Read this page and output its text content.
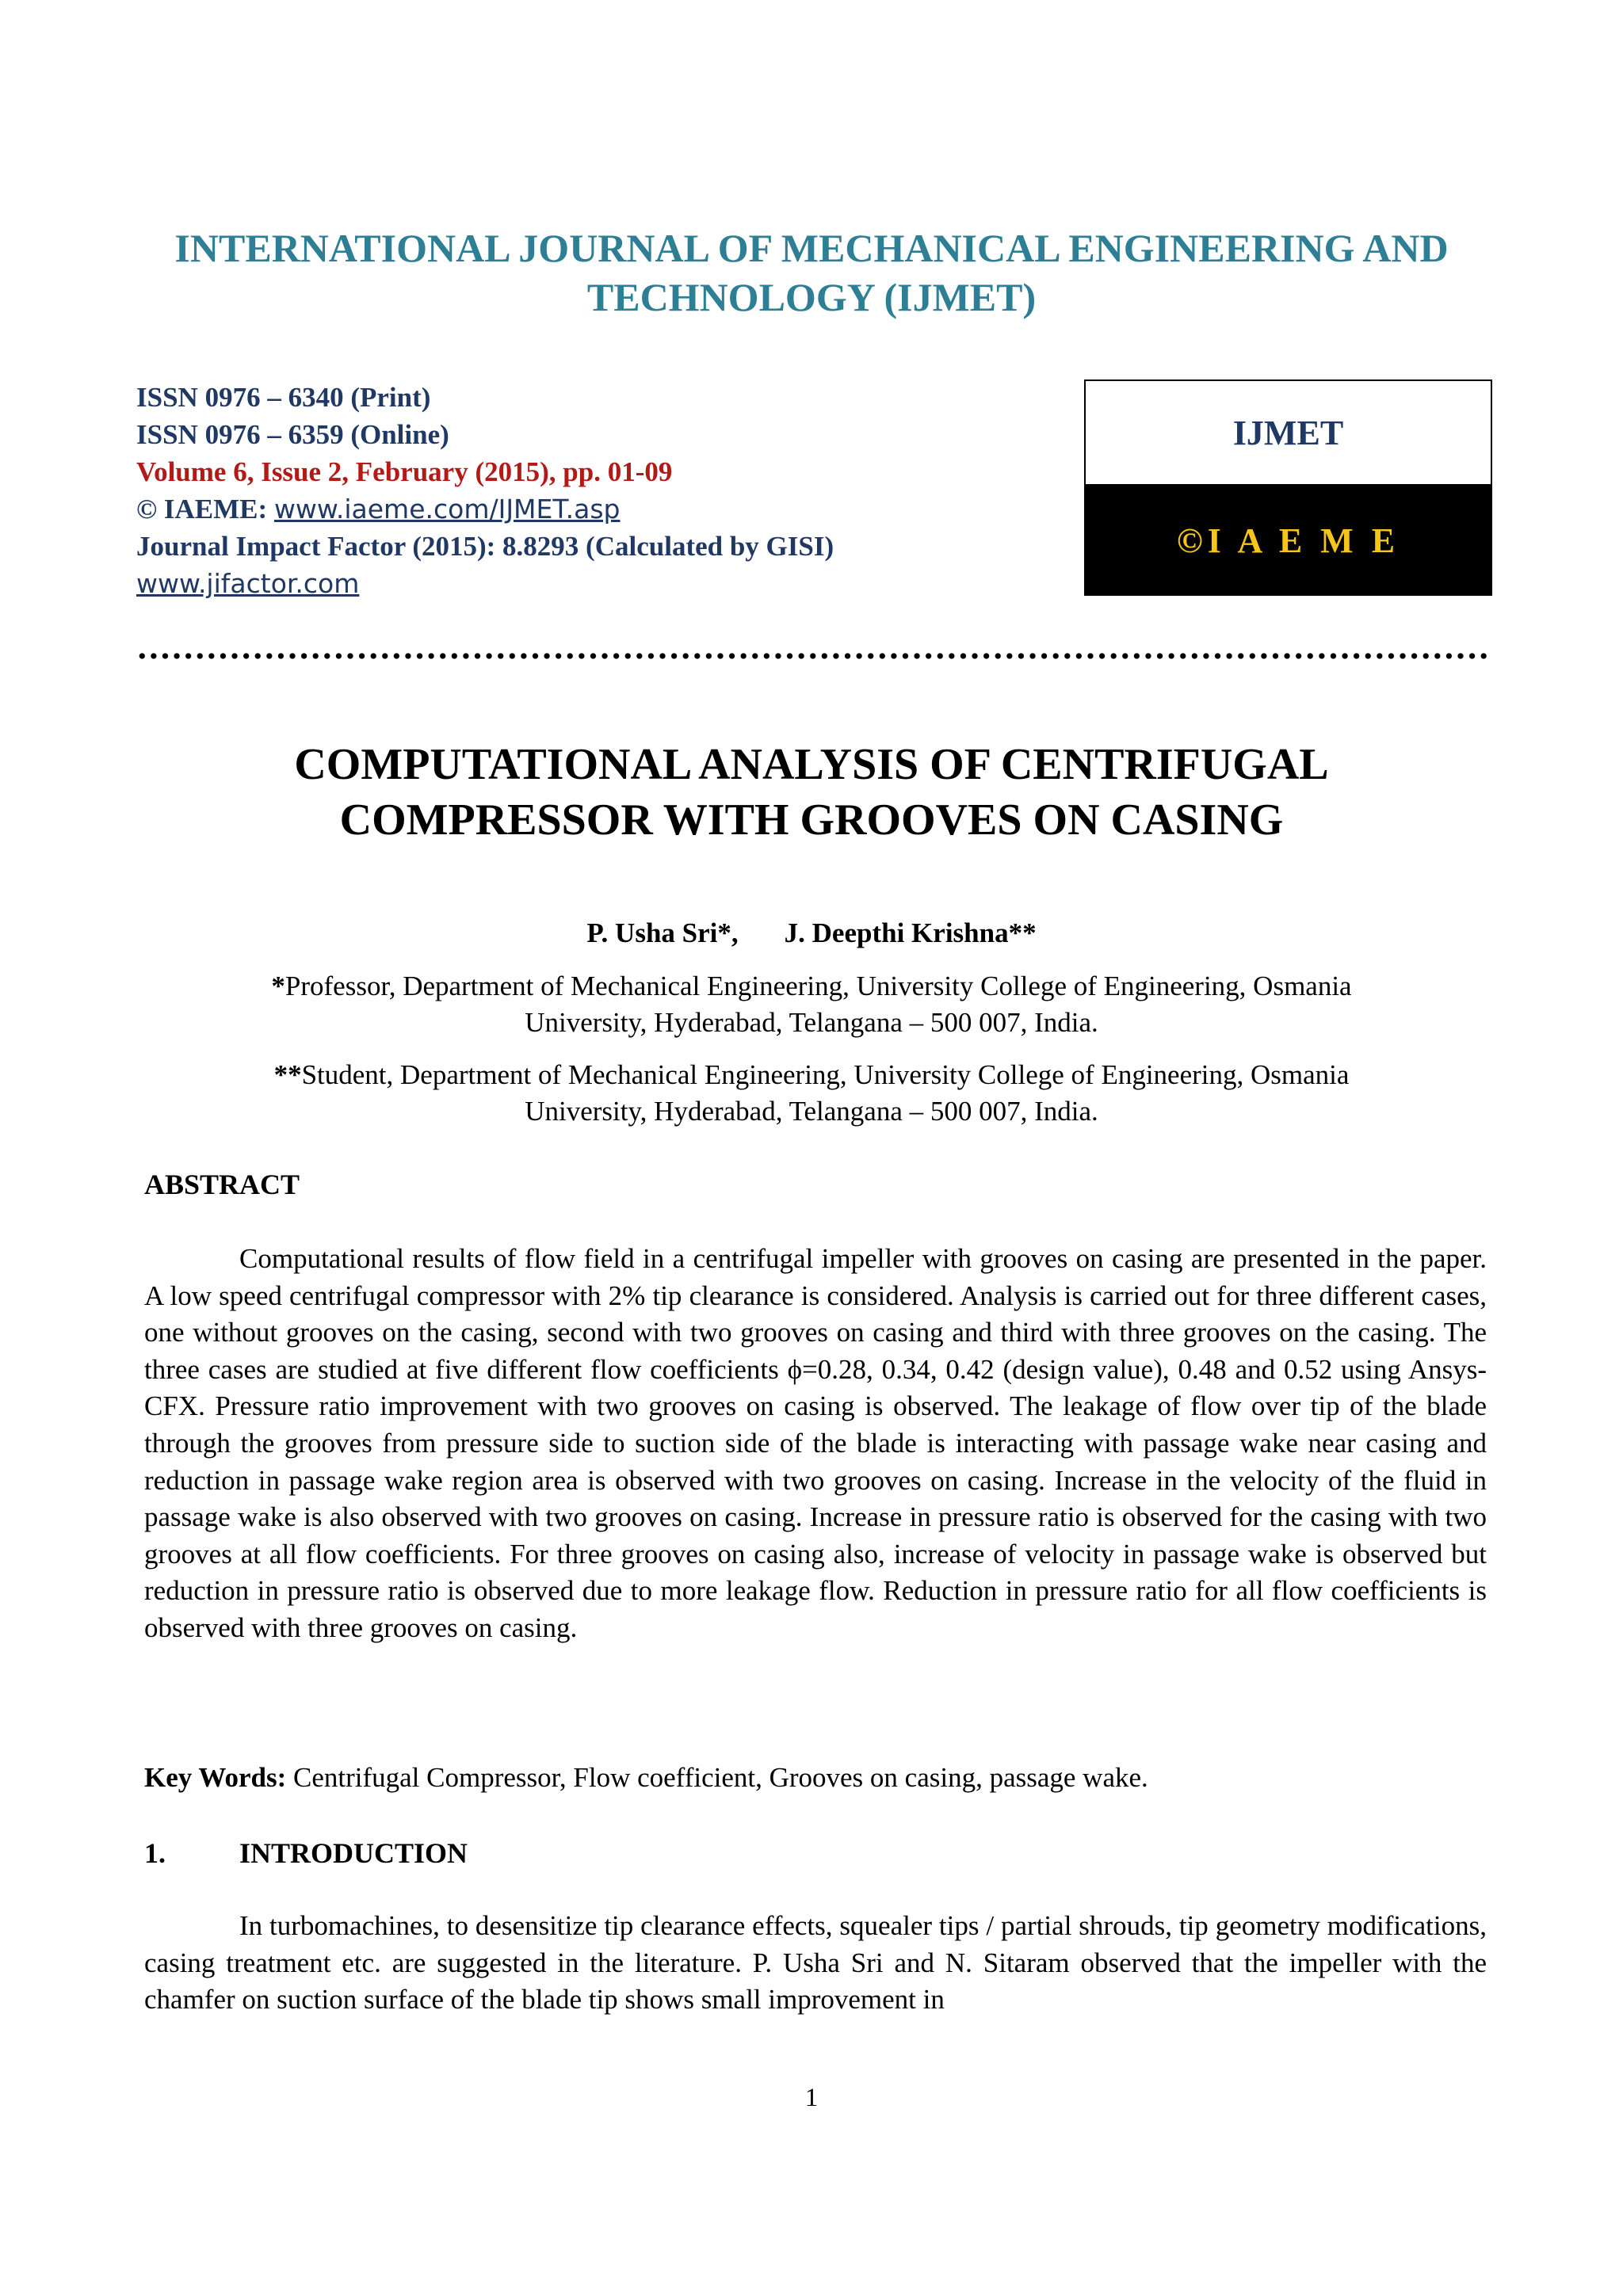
INTERNATIONAL JOURNAL OF MECHANICAL ENGINEERING AND
TECHNOLOGY (IJMET)
ISSN 0976 – 6340 (Print)
ISSN 0976 – 6359 (Online)
Volume 6, Issue 2, February (2015), pp. 01-09
© IAEME: www.iaeme.com/IJMET.asp
Journal Impact Factor (2015): 8.8293 (Calculated by GISI)
www.jifactor.com
IJMET
©I A E M E
COMPUTATIONAL ANALYSIS OF CENTRIFUGAL
COMPRESSOR WITH GROOVES ON CASING
P. Usha Sri*, J. Deepthi Krishna**
*Professor, Department of Mechanical Engineering, University College of Engineering, Osmania
University, Hyderabad, Telangana – 500 007, India.
**Student, Department of Mechanical Engineering, University College of Engineering, Osmania
University, Hyderabad, Telangana – 500 007, India.
ABSTRACT
Computational results of flow field in a centrifugal impeller with grooves on casing are presented in the paper. A low speed centrifugal compressor with 2% tip clearance is considered. Analysis is carried out for three different cases, one without grooves on the casing, second with two grooves on casing and third with three grooves on the casing. The three cases are studied at five different flow coefficients ϕ=0.28, 0.34, 0.42 (design value), 0.48 and 0.52 using Ansys-CFX. Pressure ratio improvement with two grooves on casing is observed. The leakage of flow over tip of the blade through the grooves from pressure side to suction side of the blade is interacting with passage wake near casing and reduction in passage wake region area is observed with two grooves on casing. Increase in the velocity of the fluid in passage wake is also observed with two grooves on casing. Increase in pressure ratio is observed for the casing with two grooves at all flow coefficients. For three grooves on casing also, increase of velocity in passage wake is observed but reduction in pressure ratio is observed due to more leakage flow. Reduction in pressure ratio for all flow coefficients is observed with three grooves on casing.
Key Words: Centrifugal Compressor, Flow coefficient, Grooves on casing, passage wake.
1.	INTRODUCTION
In turbomachines, to desensitize tip clearance effects, squealer tips / partial shrouds, tip geometry modifications, casing treatment etc. are suggested in the literature. P. Usha Sri and N. Sitaram observed that the impeller with the chamfer on suction surface of the blade tip shows small improvement in
1
